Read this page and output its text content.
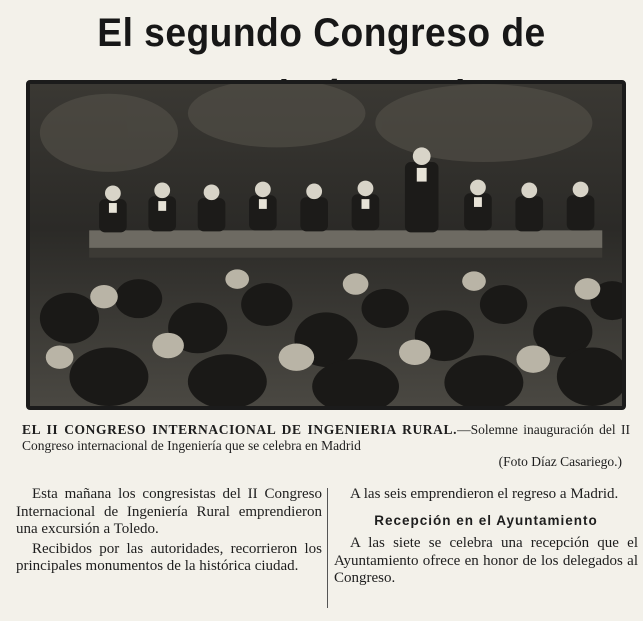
El segundo Congreso de
EL II CONGRESO INTERNACIONAL DE INGENIERIA RURAL.—Solemne inauguración del II Congreso internacional de Ingeniería que se celebra en Madrid
(Foto Díaz Casariego.)

Esta mañana los congresistas del II Congreso Internacional de Ingeniería Rural emprendieron una excursión a Toledo.

Recibidos por las autoridades, recorrieron los principales monumentos de la histórica ciudad.

A las seis emprendieron el regreso a Madrid.

Recepción en el Ayuntamiento

A las siete se celebra una recepción que el Ayuntamiento ofrece en honor de los delegados al Congreso.
